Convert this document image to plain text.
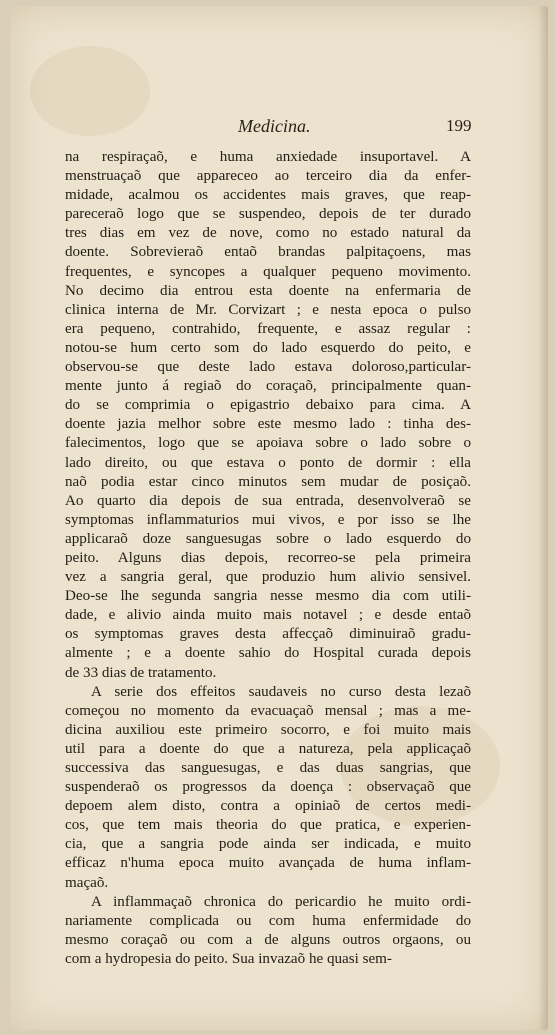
Medicina.	199
na respiraçaõ, e huma anxiedade insuportavel. A
menstruaçaõ que appareceo ao terceiro dia da enfer-
midade, acalmou os accidentes mais graves, que reap-
pareceraõ logo que se suspendeo, depois de ter durado
tres dias em vez de nove, como no estado natural da
doente. Sobrevieraõ entaõ brandas palpitaçoens, mas
frequentes, e syncopes a qualquer pequeno movimento.
No decimo dia entrou esta doente na enfermaria de
clinica interna de Mr. Corvizart ; e nesta epoca o pulso
era pequeno, contrahido, frequente, e assaz regular :
notou-se hum certo som do lado esquerdo do peito, e
observou-se que deste lado estava doloroso,particular-
mente junto á regiaõ do coraçaõ, principalmente quan-
do se comprimia o epigastrio debaixo para cima. A
doente jazia melhor sobre este mesmo lado : tinha des-
falecimentos, logo que se apoiava sobre o lado sobre o
lado direito, ou que estava o ponto de dormir : ella
naõ podia estar cinco minutos sem mudar de posiçaõ.
Ao quarto dia depois de sua entrada, desenvolveraõ se
symptomas inflammaturios mui vivos, e por isso se lhe
applicaraõ doze sanguesugas sobre o lado esquerdo do
peito. Alguns dias depois, recorreo-se pela primeira
vez a sangria geral, que produzio hum alivio sensivel.
Deo-se lhe segunda sangria nesse mesmo dia com utili-
dade, e alivio ainda muito mais notavel ; e desde entaõ
os symptomas graves desta affecçaõ diminuiraõ gradu-
almente ; e a doente sahio do Hospital curada depois
de 33 dias de tratamento.
A serie dos effeitos saudaveis no curso desta lezaõ
começou no momento da evacuaçaõ mensal ; mas a me-
dicina auxiliou este primeiro socorro, e foi muito mais
util para a doente do que a natureza, pela applicaçaõ
successiva das sanguesugas, e das duas sangrias, que
suspenderaõ os progressos da doença : observaçaõ que
depoem alem disto, contra a opiniaõ de certos medi-
cos, que tem mais theoria do que pratica, e experien-
cia, que a sangria pode ainda ser indicada, e muito
efficaz n'huma epoca muito avançada de huma inflam-
maçaõ.
A inflammaçaõ chronica do pericardio he muito ordi-
nariamente complicada ou com huma enfermidade do
mesmo coraçaõ ou com a de alguns outros orgaons, ou
com a hydropesia do peito. Sua invazaõ he quasi sem-
